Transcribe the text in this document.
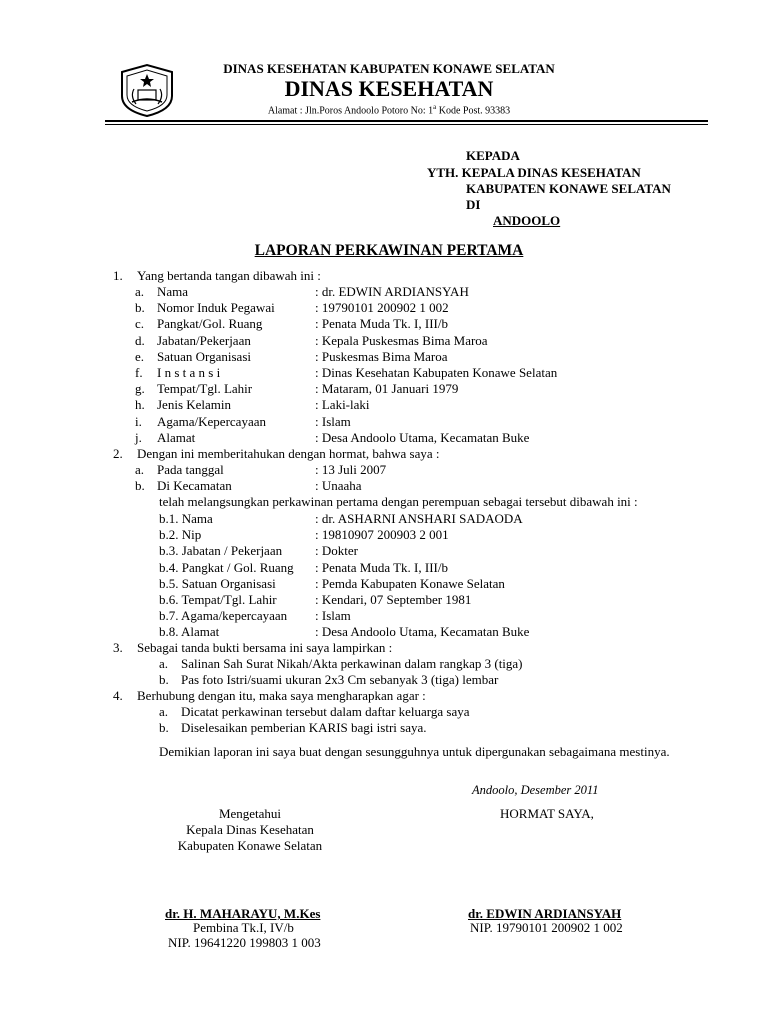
DINAS KESEHATAN KABUPATEN KONAWE SELATAN
DINAS KESEHATAN
Alamat : Jln.Poros Andoolo Potoro No: 1$^a$ Kode Post. 93383
KEPADA
YTH. KEPALA DINAS KESEHATAN
KABUPATEN KONAWE SELATAN
DI
ANDOOLO
LAPORAN PERKAWINAN PERTAMA
1. Yang bertanda tangan dibawah ini :
a. Nama	: dr. EDWIN ARDIANSYAH
b. Nomor Induk Pegawai	: 19790101 200902 1 002
c. Pangkat/Gol. Ruang	: Penata Muda Tk. I, III/b
d. Jabatan/Pekerjaan	: Kepala Puskesmas Bima Maroa
e. Satuan Organisasi	: Puskesmas Bima Maroa
f. I n s t a n s i	: Dinas Kesehatan Kabupaten Konawe Selatan
g. Tempat/Tgl. Lahir	: Mataram, 01 Januari 1979
h. Jenis Kelamin	: Laki-laki
i. Agama/Kepercayaan	: Islam
j. Alamat	: Desa Andoolo Utama, Kecamatan Buke
2. Dengan ini memberitahukan dengan hormat, bahwa saya :
a. Pada tanggal	: 13 Juli 2007
b. Di Kecamatan	: Unaaha
telah melangsungkan perkawinan pertama dengan perempuan sebagai tersebut dibawah ini :
b.1. Nama	: dr. ASHARNI ANSHARI SADAODA
b.2. Nip	: 19810907 200903 2 001
b.3. Jabatan / Pekerjaan	: Dokter
b.4. Pangkat / Gol. Ruang : Penata Muda Tk. I, III/b
b.5. Satuan Organisasi	: Pemda Kabupaten Konawe Selatan
b.6. Tempat/Tgl. Lahir	: Kendari, 07 September 1981
b.7. Agama/kepercayaan : Islam
b.8. Alamat	: Desa Andoolo Utama, Kecamatan Buke
3. Sebagai tanda bukti bersama ini saya lampirkan :
a. Salinan Sah Surat Nikah/Akta perkawinan dalam rangkap 3 (tiga)
b. Pas foto Istri/suami ukuran 2x3 Cm sebanyak 3 (tiga) lembar
4. Berhubung dengan itu, maka saya mengharapkan agar :
a. Dicatat perkawinan tersebut dalam daftar keluarga saya
b. Diselesaikan pemberian KARIS bagi istri saya.
Demikian laporan ini saya buat dengan sesungguhnya untuk dipergunakan sebagaimana mestinya.
Andoolo, Desember 2011
Mengetahui
Kepala Dinas Kesehatan
Kabupaten Konawe Selatan
dr. H. MAHARAYU, M.Kes
Pembina Tk.I, IV/b
NIP. 19641220 199803 1 003
HORMAT SAYA,
dr. EDWIN ARDIANSYAH
NIP. 19790101 200902 1 002
